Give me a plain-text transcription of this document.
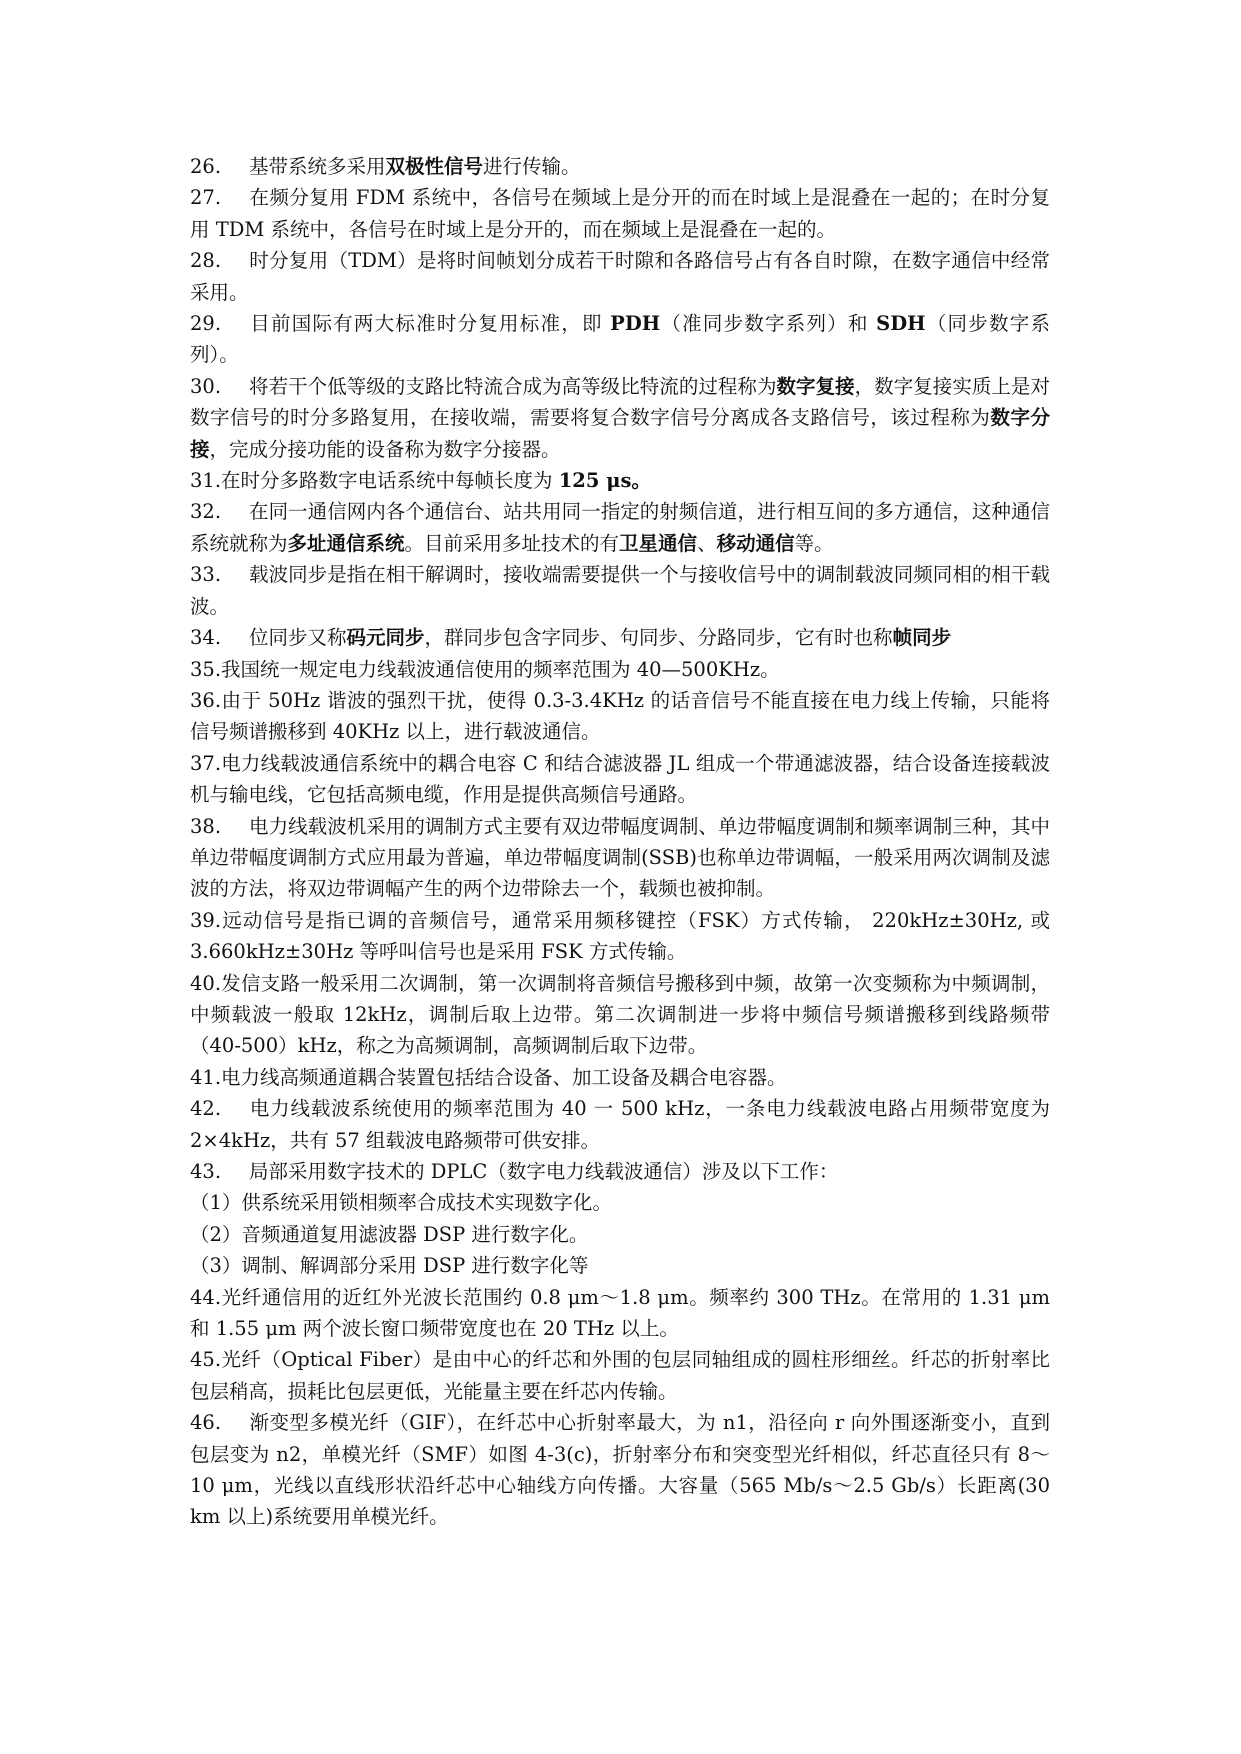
26. 基带系统多采用双极性信号进行传输。

27. 在频分复用 FDM 系统中，各信号在频域上是分开的而在时域上是混叠在一起的；在时分复用 TDM 系统中，各信号在时域上是分开的，而在频域上是混叠在一起的。

28. 时分复用（TDM）是将时间帧划分成若干时隙和各路信号占有各自时隙，在数字通信中经常采用。

29. 目前国际有两大标准时分复用标准，即 PDH（准同步数字系列）和 SDH（同步数字系列）。

30. 将若干个低等级的支路比特流合成为高等级比特流的过程称为数字复接，数字复接实质上是对数字信号的时分多路复用，在接收端，需要将复合数字信号分离成各支路信号，该过程称为数字分接，完成分接功能的设备称为数字分接器。

31.在时分多路数字电话系统中每帧长度为 125 μs。

32. 在同一通信网内各个通信台、站共用同一指定的射频信道，进行相互间的多方通信，这种通信系统就称为多址通信系统。目前采用多址技术的有卫星通信、移动通信等。

33. 载波同步是指在相干解调时，接收端需要提供一个与接收信号中的调制载波同频同相的相干载波。

34. 位同步又称码元同步，群同步包含字同步、句同步、分路同步，它有时也称帧同步

35.我国统一规定电力线载波通信使用的频率范围为 40—500KHz。

36.由于 50Hz 谐波的强烈干扰，使得 0.3-3.4KHz 的话音信号不能直接在电力线上传输，只能将信号频谱搬移到 40KHz 以上，进行载波通信。

37.电力线载波通信系统中的耦合电容 C 和结合滤波器 JL 组成一个带通滤波器，结合设备连接载波机与输电线，它包括高频电缆，作用是提供高频信号通路。

38. 电力线载波机采用的调制方式主要有双边带幅度调制、单边带幅度调制和频率调制三种，其中单边带幅度调制方式应用最为普遍，单边带幅度调制(SSB)也称单边带调幅，一般采用两次调制及滤波的方法，将双边带调幅产生的两个边带除去一个，载频也被抑制。

39.远动信号是指已调的音频信号，通常采用频移键控（FSK）方式传输， 220kHz±30Hz, 或 3.660kHz±30Hz 等呼叫信号也是采用 FSK 方式传输。

40.发信支路一般采用二次调制，第一次调制将音频信号搬移到中频，故第一次变频称为中频调制，中频载波一般取 12kHz，调制后取上边带。第二次调制进一步将中频信号频谱搬移到线路频带（40-500）kHz，称之为高频调制，高频调制后取下边带。

41.电力线高频通道耦合装置包括结合设备、加工设备及耦合电容器。

42. 电力线载波系统使用的频率范围为 40 一 500 kHz，一条电力线载波电路占用频带宽度为 2×4kHz，共有 57 组载波电路频带可供安排。

43. 局部采用数字技术的 DPLC（数字电力线载波通信）涉及以下工作：

（1）供系统采用锁相频率合成技术实现数字化。

（2）音频通道复用滤波器 DSP 进行数字化。

（3）调制、解调部分采用 DSP 进行数字化等

44.光纤通信用的近红外光波长范围约 0.8 μm～1.8 μm。频率约 300 THz。在常用的 1.31 μm 和 1.55 μm 两个波长窗口频带宽度也在 20 THz 以上。

45.光纤（Optical Fiber）是由中心的纤芯和外围的包层同轴组成的圆柱形细丝。纤芯的折射率比包层稍高，损耗比包层更低，光能量主要在纤芯内传输。

46. 渐变型多模光纤（GIF），在纤芯中心折射率最大，为 n1，沿径向 r 向外围逐渐变小，直到包层变为 n2，单模光纤（SMF）如图 4-3(c)，折射率分布和突变型光纤相似，纤芯直径只有 8～10 μm，光线以直线形状沿纤芯中心轴线方向传播。大容量（565 Mb/s～2.5 Gb/s）长距离(30 km 以上)系统要用单模光纤。
